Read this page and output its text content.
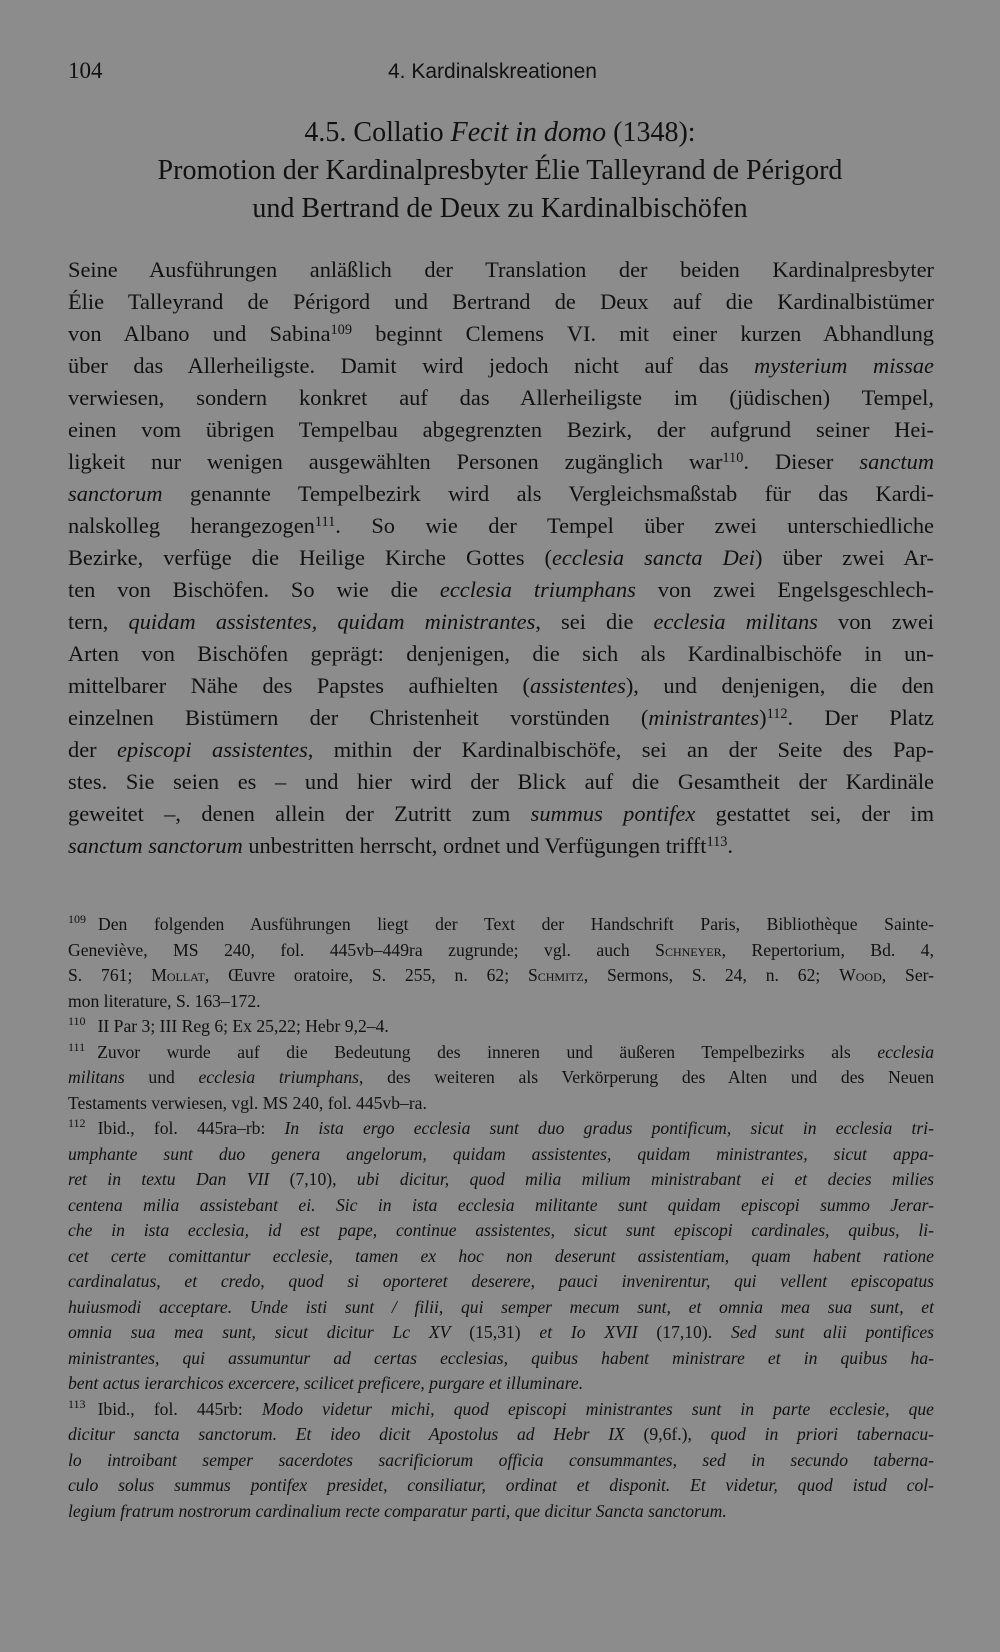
104	4. Kardinalskreationen
4.5. Collatio Fecit in domo (1348):
Promotion der Kardinalpresbyter Élie Talleyrand de Périgord
und Bertrand de Deux zu Kardinalbischöfen
Seine Ausführungen anläßlich der Translation der beiden Kardinalpresbyter
Élie Talleyrand de Périgord und Bertrand de Deux auf die Kardinalbistümer
von Albano und Sabina$^{109}$ beginnt Clemens VI. mit einer kurzen Abhandlung
über das Allerheiligste. Damit wird jedoch nicht auf das mysterium missae
verwiesen, sondern konkret auf das Allerheiligste im (jüdischen) Tempel,
einen vom übrigen Tempelbau abgegrenzten Bezirk, der aufgrund seiner Hei-
ligkeit nur wenigen ausgewählten Personen zugänglich war$^{110}$. Dieser sanctum
sanctorum genannte Tempelbezirk wird als Vergleichsmaßstab für das Kardi-
nalskolleg herangezogen$^{111}$. So wie der Tempel über zwei unterschiedliche
Bezirke, verfüge die Heilige Kirche Gottes (ecclesia sancta Dei) über zwei Ar-
ten von Bischöfen. So wie die ecclesia triumphans von zwei Engelsgeschlech-
tern, quidam assistentes, quidam ministrantes, sei die ecclesia militans von zwei
Arten von Bischöfen geprägt: denjenigen, die sich als Kardinalbischöfe in un-
mittelbarer Nähe des Papstes aufhielten (assistentes), und denjenigen, die den
einzelnen Bistümern der Christenheit vorstünden (ministrantes)$^{112}$. Der Platz
der episcopi assistentes, mithin der Kardinalbischöfe, sei an der Seite des Pap-
stes. Sie seien es – und hier wird der Blick auf die Gesamtheit der Kardinäle
geweitet –, denen allein der Zutritt zum summus pontifex gestattet sei, der im
sanctum sanctorum unbestritten herrscht, ordnet und Verfügungen trifft$^{113}$.
$^{109}$ Den folgenden Ausführungen liegt der Text der Handschrift Paris, Bibliothèque Sainte-
Geneviève, MS 240, fol. 445vb–449ra zugrunde; vgl. auch Schneyer, Repertorium, Bd. 4,
S. 761; Mollat, Œuvre oratoire, S. 255, n. 62; Schmitz, Sermons, S. 24, n. 62; Wood, Ser-
mon literature, S. 163–172.
$^{110}$ II Par 3; III Reg 6; Ex 25,22; Hebr 9,2–4.
$^{111}$ Zuvor wurde auf die Bedeutung des inneren und äußeren Tempelbezirks als ecclesia
militans und ecclesia triumphans, des weiteren als Verkörperung des Alten und des Neuen
Testaments verwiesen, vgl. MS 240, fol. 445vb–ra.
$^{112}$ Ibid., fol. 445ra–rb: In ista ergo ecclesia sunt duo gradus pontificum, sicut in ecclesia tri-
umphante sunt duo genera angelorum, quidam assistentes, quidam ministrantes, sicut appa-
ret in textu Dan VII (7,10), ubi dicitur, quod milia milium ministrabant ei et decies milies
centena milia assistebant ei. Sic in ista ecclesia militante sunt quidam episcopi summo Jerar-
che in ista ecclesia, id est pape, continue assistentes, sicut sunt episcopi cardinales, quibus, li-
cet certe comittantur ecclesie, tamen ex hoc non deserunt assistentiam, quam habent ratione
cardinalatus, et credo, quod si oporteret deserere, pauci invenirentur, qui vellent episcopatus
huiusmodi acceptare. Unde isti sunt / filii, qui semper mecum sunt, et omnia mea sua sunt, et
omnia sua mea sunt, sicut dicitur Lc XV (15,31) et Io XVII (17,10). Sed sunt alii pontifices
ministrantes, qui assumuntur ad certas ecclesias, quibus habent ministrare et in quibus ha-
bent actus ierarchicos excercere, scilicet preficere, purgare et illuminare.
$^{113}$ Ibid., fol. 445rb: Modo videtur michi, quod episcopi ministrantes sunt in parte ecclesie, que
dicitur sancta sanctorum. Et ideo dicit Apostolus ad Hebr IX (9,6f.), quod in priori tabernacu-
lo introibant semper sacerdotes sacrificiorum officia consummantes, sed in secundo taberna-
culo solus summus pontifex presidet, consiliatur, ordinat et disponit. Et videtur, quod istud col-
legium fratrum nostrorum cardinalium recte comparatur parti, que dicitur Sancta sanctorum.
